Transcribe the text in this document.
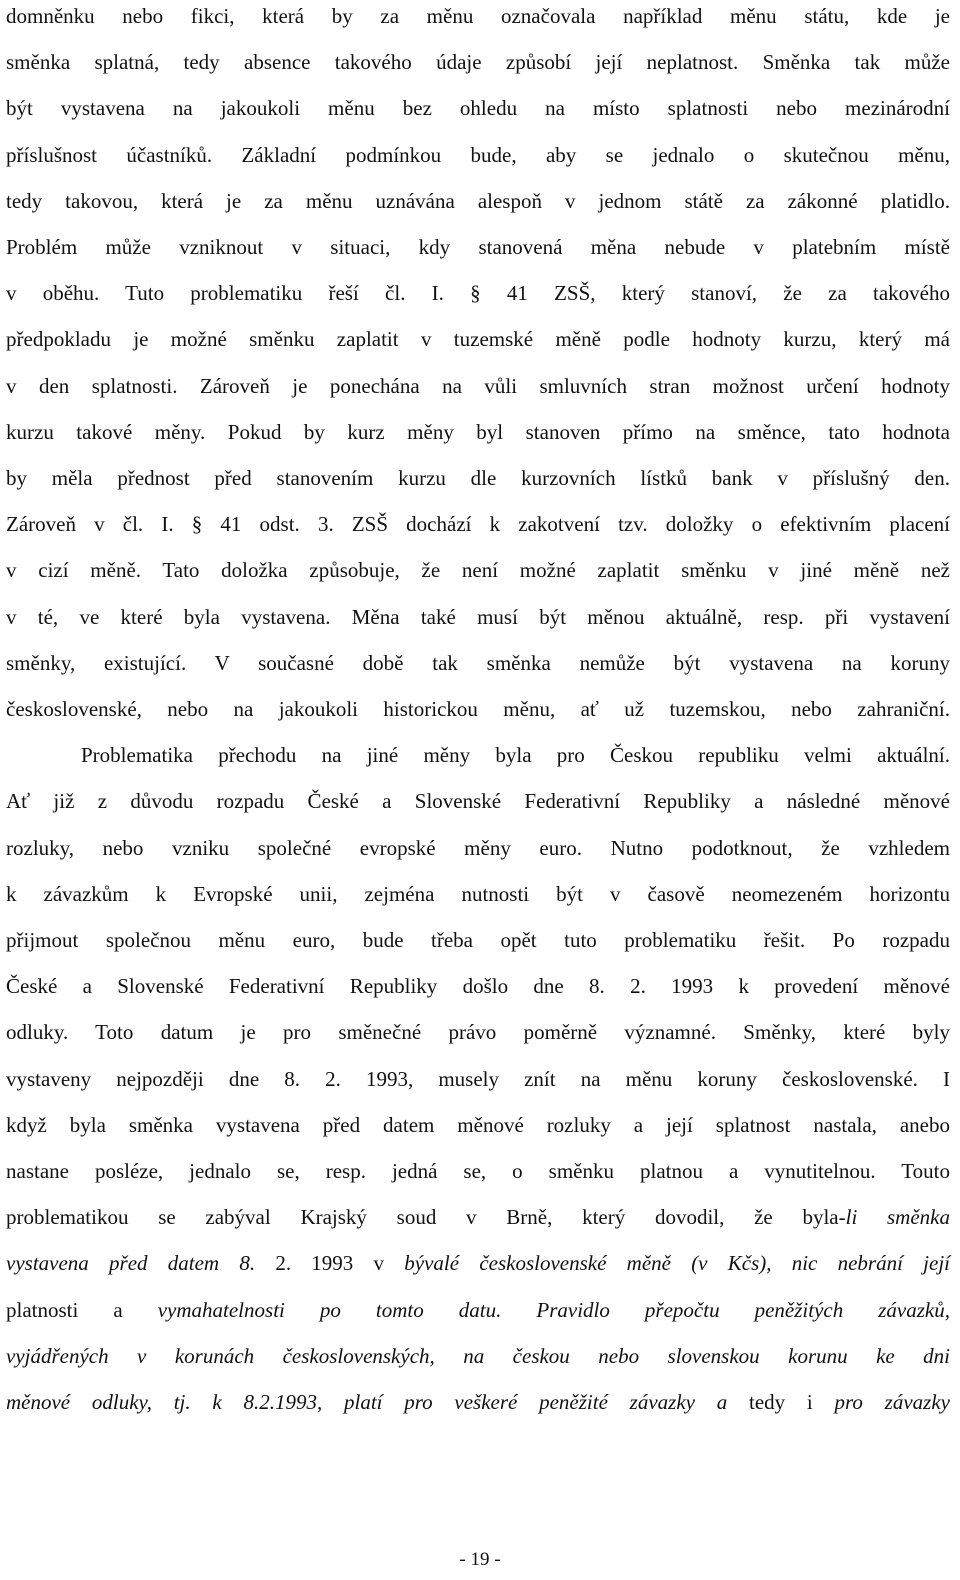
domněnku nebo fikci, která by za měnu označovala například měnu státu, kde je
směnka splatná, tedy absence takového údaje způsobí její neplatnost. Směnka tak může
být vystavena na jakoukoli měnu bez ohledu na místo splatnosti nebo mezinárodní
příslušnost účastníků. Základní podmínkou bude, aby se jednalo o skutečnou měnu,
tedy takovou, která je za měnu uznávána alespoň v jednom státě za zákonné platidlo.
Problém může vzniknout v situaci, kdy stanovená měna nebude v platebním místě
v oběhu. Tuto problematiku řeší čl. I. § 41 ZSŠ, který stanoví, že za takového
předpokladu je možné směnku zaplatit v tuzemské měně podle hodnoty kurzu, který má
v den splatnosti. Zároveň je ponechána na vůli smluvních stran možnost určení hodnoty
kurzu takové měny. Pokud by kurz měny byl stanoven přímo na směnce, tato hodnota
by měla přednost před stanovením kurzu dle kurzovních lístků bank v příslušný den.
Zároveň v čl. I. § 41 odst. 3. ZSŠ dochází k zakotvení tzv. doložky o efektivním placení
v cizí měně. Tato doložka způsobuje, že není možné zaplatit směnku v jiné měně než
v té, ve které byla vystavena. Měna také musí být měnou aktuálně, resp. při vystavení
směnky, existující. V současné době tak směnka nemůže být vystavena na koruny
československé, nebo na jakoukoli historickou měnu, ať už tuzemskou, nebo zahraniční.
Problematika přechodu na jiné měny byla pro Českou republiku velmi aktuální.
Ať již z důvodu rozpadu České a Slovenské Federativní Republiky a následné měnové
rozluky, nebo vzniku společné evropské měny euro. Nutno podotknout, že vzhledem
k závazkům k Evropské unii, zejména nutnosti být v časově neomezeném horizontu
přijmout společnou měnu euro, bude třeba opět tuto problematiku řešit. Po rozpadu
České a Slovenské Federativní Republiky došlo dne 8. 2. 1993 k provedení měnové
odluky. Toto datum je pro směnečné právo poměrně významné. Směnky, které byly
vystaveny nejpozději dne 8. 2. 1993, musely znít na měnu koruny československé. I
když byla směnka vystavena před datem měnové rozluky a její splatnost nastala, anebo
nastane posléze, jednalo se, resp. jedná se, o směnku platnou a vynutitelnou. Touto
problematikou se zabýval Krajský soud v Brně, který dovodil, že byla-li směnka
vystavena před datem 8. 2. 1993 v bývalé československé měně (v Kčs), nic nebrání její
platnosti a vymahatelnosti po tomto datu. Pravidlo přepočtu peněžitých závazků,
vyjádřených v korunách československých, na českou nebo slovenskou korunu ke dni
měnové odluky, tj. k 8.2.1993, platí pro veškeré peněžité závazky a tedy i pro závazky
- 19 -
